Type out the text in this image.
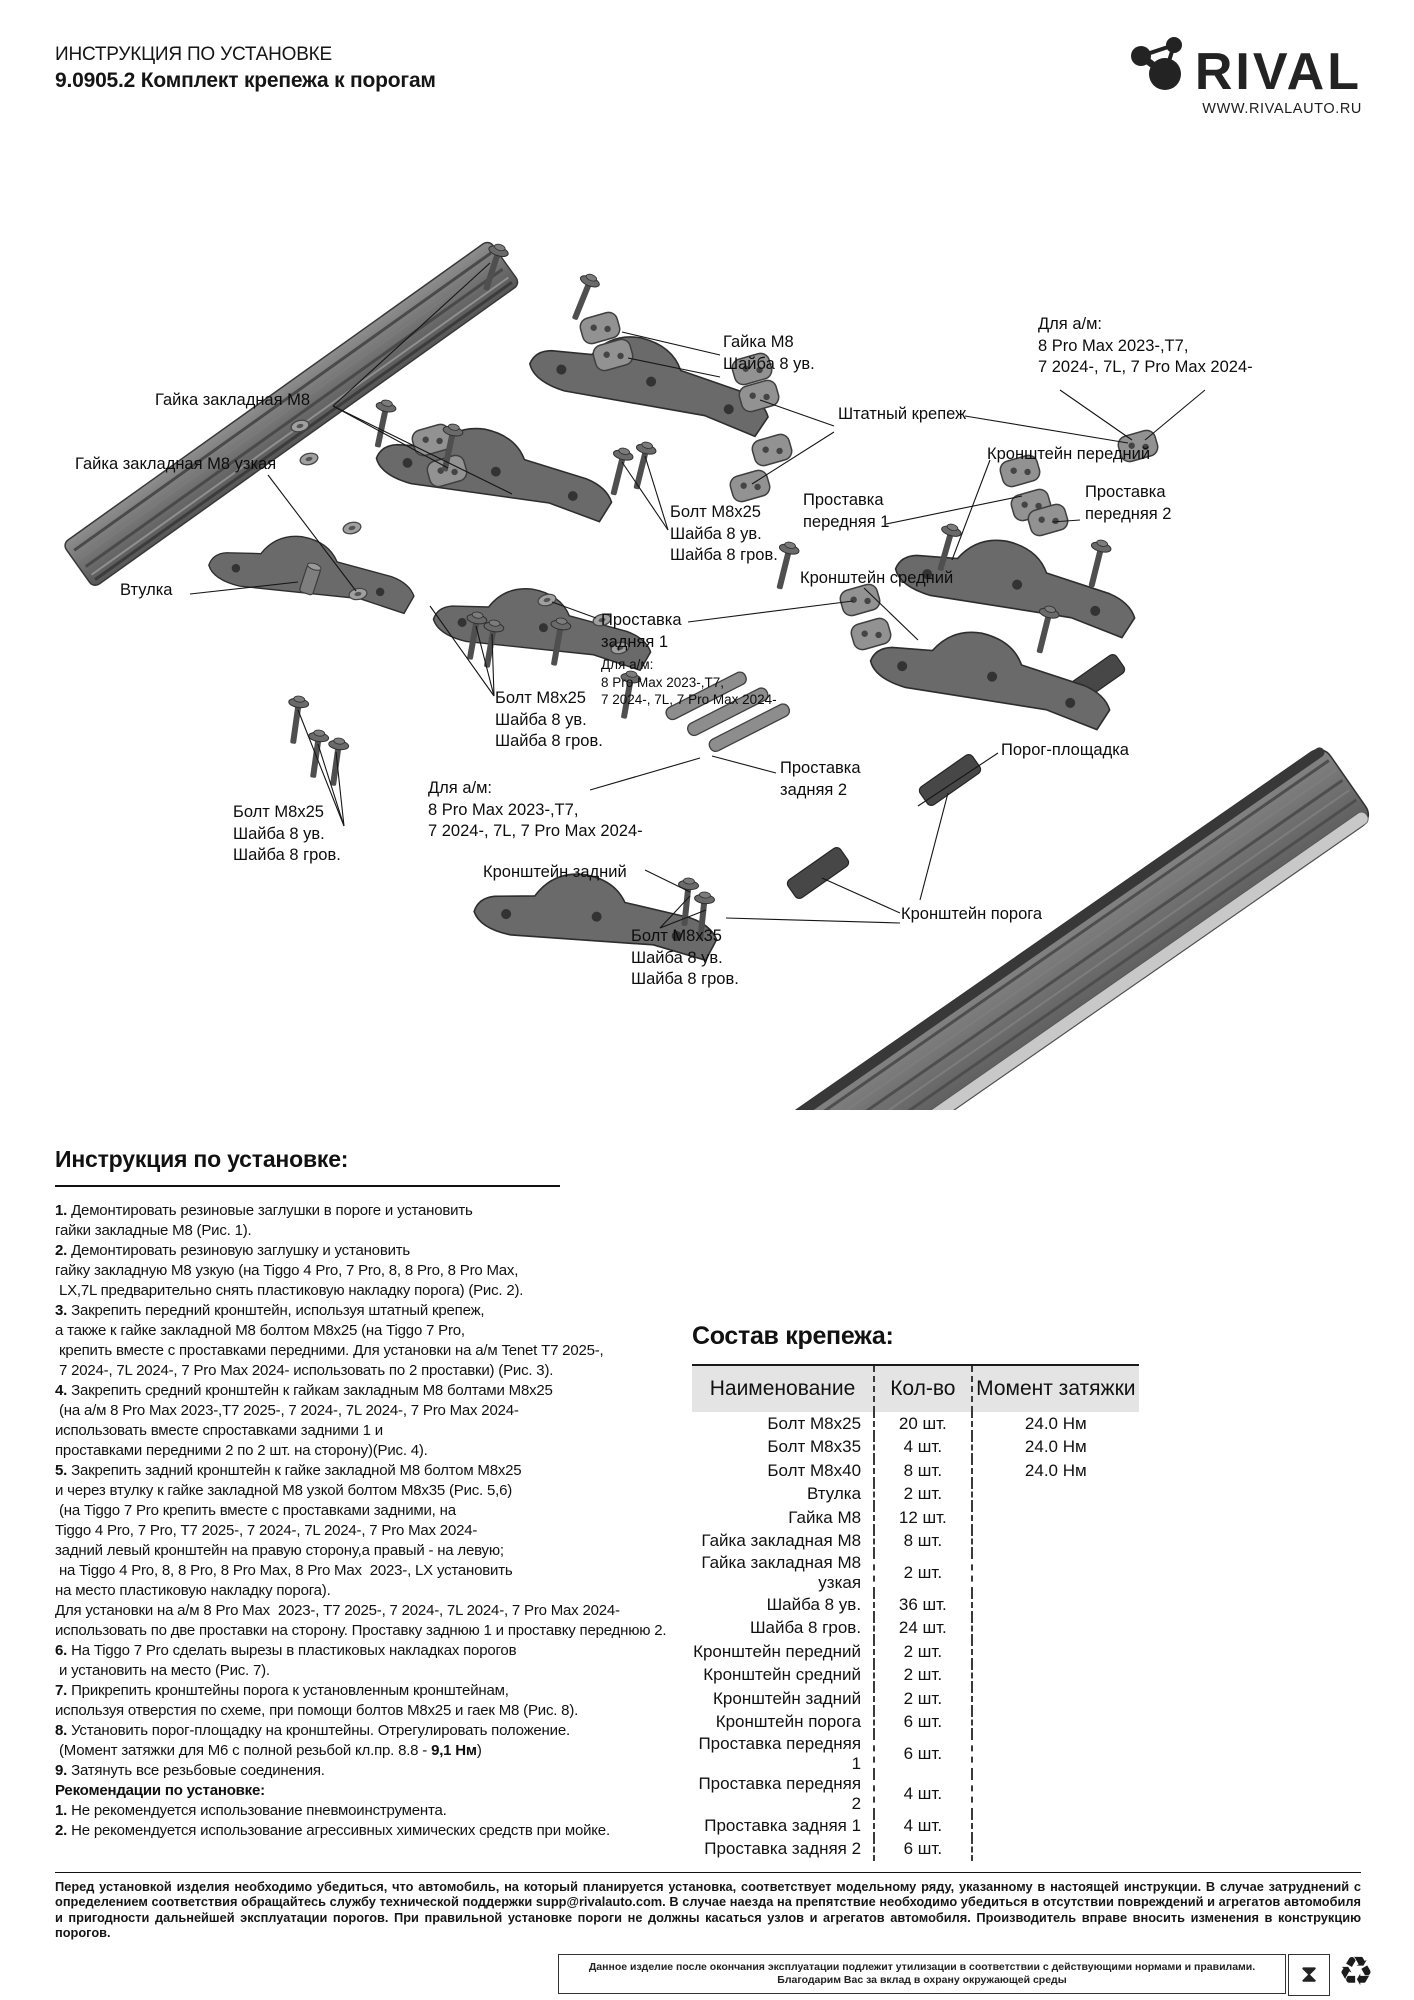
ИНСТРУКЦИЯ ПО УСТАНОВКЕ
9.0905.2 Комплект крепежа к порогам	RIVAL
WWW.RIVALAUTO.RU
Гайка закладная М8
Гайка закладная М8 узкая
Втулка
Гайка М8
Шайба 8 ув.
Штатный крепеж
Для а/м:
8 Pro Max 2023-,Т7,
7 2024-, 7L, 7 Pro Max 2024-
Кронштейн передний
Проставка
передняя 2
Проставка
передняя 1
Кронштейн средний
Болт М8х25
Шайба 8 ув.
Шайба 8 гров.
Проставка
задняя 1
Для а/м:
8 Pro Max 2023-,Т7,
7 2024-, 7L, 7 Pro Max 2024-
Болт М8х25
Шайба 8 ув.
Шайба 8 гров.
Болт М8х25
Шайба 8 ув.
Шайба 8 гров.
Для а/м:
8 Pro Max 2023-,Т7,
7 2024-, 7L, 7 Pro Max 2024-
Кронштейн задний
Проставка
задняя 2
Порог-площадка
Кронштейн порога
Болт М8х35
Шайба 8 ув.
Шайба 8 гров.
Инструкция по установке:
1. Демонтировать резиновые заглушки в пороге и установить
гайки закладные М8 (Рис. 1).
2. Демонтировать резиновую заглушку и установить
гайку закладную М8 узкую (на Tiggo 4 Pro, 7 Pro, 8, 8 Pro, 8 Pro Max,
LX,7L предварительно снять пластиковую накладку порога) (Рис. 2).
3. Закрепить передний кронштейн, используя штатный крепеж,
а также к гайке закладной М8 болтом М8х25 (на Tiggo 7 Pro,
крепить вместе с проставками передними. Для установки на а/м Tenet Т7 2025-,
7 2024-, 7L 2024-, 7 Pro Max 2024- использовать по 2 проставки) (Рис. 3).
4. Закрепить средний кронштейн к гайкам закладным М8 болтами М8х25
(на а/м 8 Pro Max 2023-,Т7 2025-, 7 2024-, 7L 2024-, 7 Pro Max 2024-
использовать вместе спроставками задними 1 и
проставками передними 2 по 2 шт. на сторону)(Рис. 4).
5. Закрепить задний кронштейн к гайке закладной М8 болтом М8х25
и через втулку к гайке закладной М8 узкой болтом М8х35 (Рис. 5,6)
(на Tiggo 7 Pro крепить вместе с проставками задними, на
Tiggo 4 Pro, 7 Pro, Т7 2025-, 7 2024-, 7L 2024-, 7 Pro Max 2024-
задний левый кронштейн на правую сторону,а правый - на левую;
на Tiggo 4 Pro, 8, 8 Pro, 8 Pro Max, 8 Pro Max  2023-, LX установить
на место пластиковую накладку порога).
Для установки на а/м 8 Pro Max  2023-, Т7 2025-, 7 2024-, 7L 2024-, 7 Pro Max 2024-
использовать по две проставки на сторону. Проставку заднюю 1 и проставку переднюю 2.
6. На Tiggo 7 Pro сделать вырезы в пластиковых накладках порогов
и установить на место (Рис. 7).
7. Прикрепить кронштейны порога к установленным кронштейнам,
используя отверстия по схеме, при помощи болтов М8х25 и гаек М8 (Рис. 8).
8. Установить порог-площадку на кронштейны. Отрегулировать положение.
(Момент затяжки для М6 с полной резьбой кл.пр. 8.8 - 9,1 Нм)
9. Затянуть все резьбовые соединения.
Рекомендации по установке:
1. Не рекомендуется использование пневмоинструмента.
2. Не рекомендуется использование агрессивных химических средств при мойке.
Состав крепежа:
Наименование	Кол-во	Момент затяжки
Болт М8х25	20 шт.	24.0 Нм
Болт М8х35	4 шт.	24.0 Нм
Болт М8х40	8 шт.	24.0 Нм
Втулка	2 шт.	
Гайка М8	12 шт.	
Гайка закладная М8	8 шт.	
Гайка закладная М8 узкая	2 шт.	
Шайба 8 ув.	36 шт.	
Шайба 8 гров.	24 шт.	
Кронштейн передний	2 шт.	
Кронштейн средний	2 шт.	
Кронштейн задний	2 шт.	
Кронштейн порога	6 шт.	
Проставка передняя 1	6 шт.	
Проставка передняя 2	4 шт.	
Проставка задняя 1	4 шт.	
Проставка задняя 2	6 шт.	
Перед установкой изделия необходимо убедиться, что автомобиль, на который планируется установка, соответствует модельному ряду, указанному в настоящей инструкции. В случае затруднений с определением соответствия обращайтесь службу технической поддержки supp@rivalauto.com. В случае наезда на препятствие необходимо убедиться в отсутствии повреждений и агрегатов автомобиля и пригодности дальнейшей эксплуатации порогов. При правильной установке пороги не должны касаться узлов и агрегатов автомобиля. Производитель вправе вносить изменения в конструкцию порогов.
Данное изделие после окончания эксплуатации подлежит утилизации в соответствии с действующими нормами и правилами. Благодарим Вас за вклад в охрану окружающей среды	⧗ ♻
